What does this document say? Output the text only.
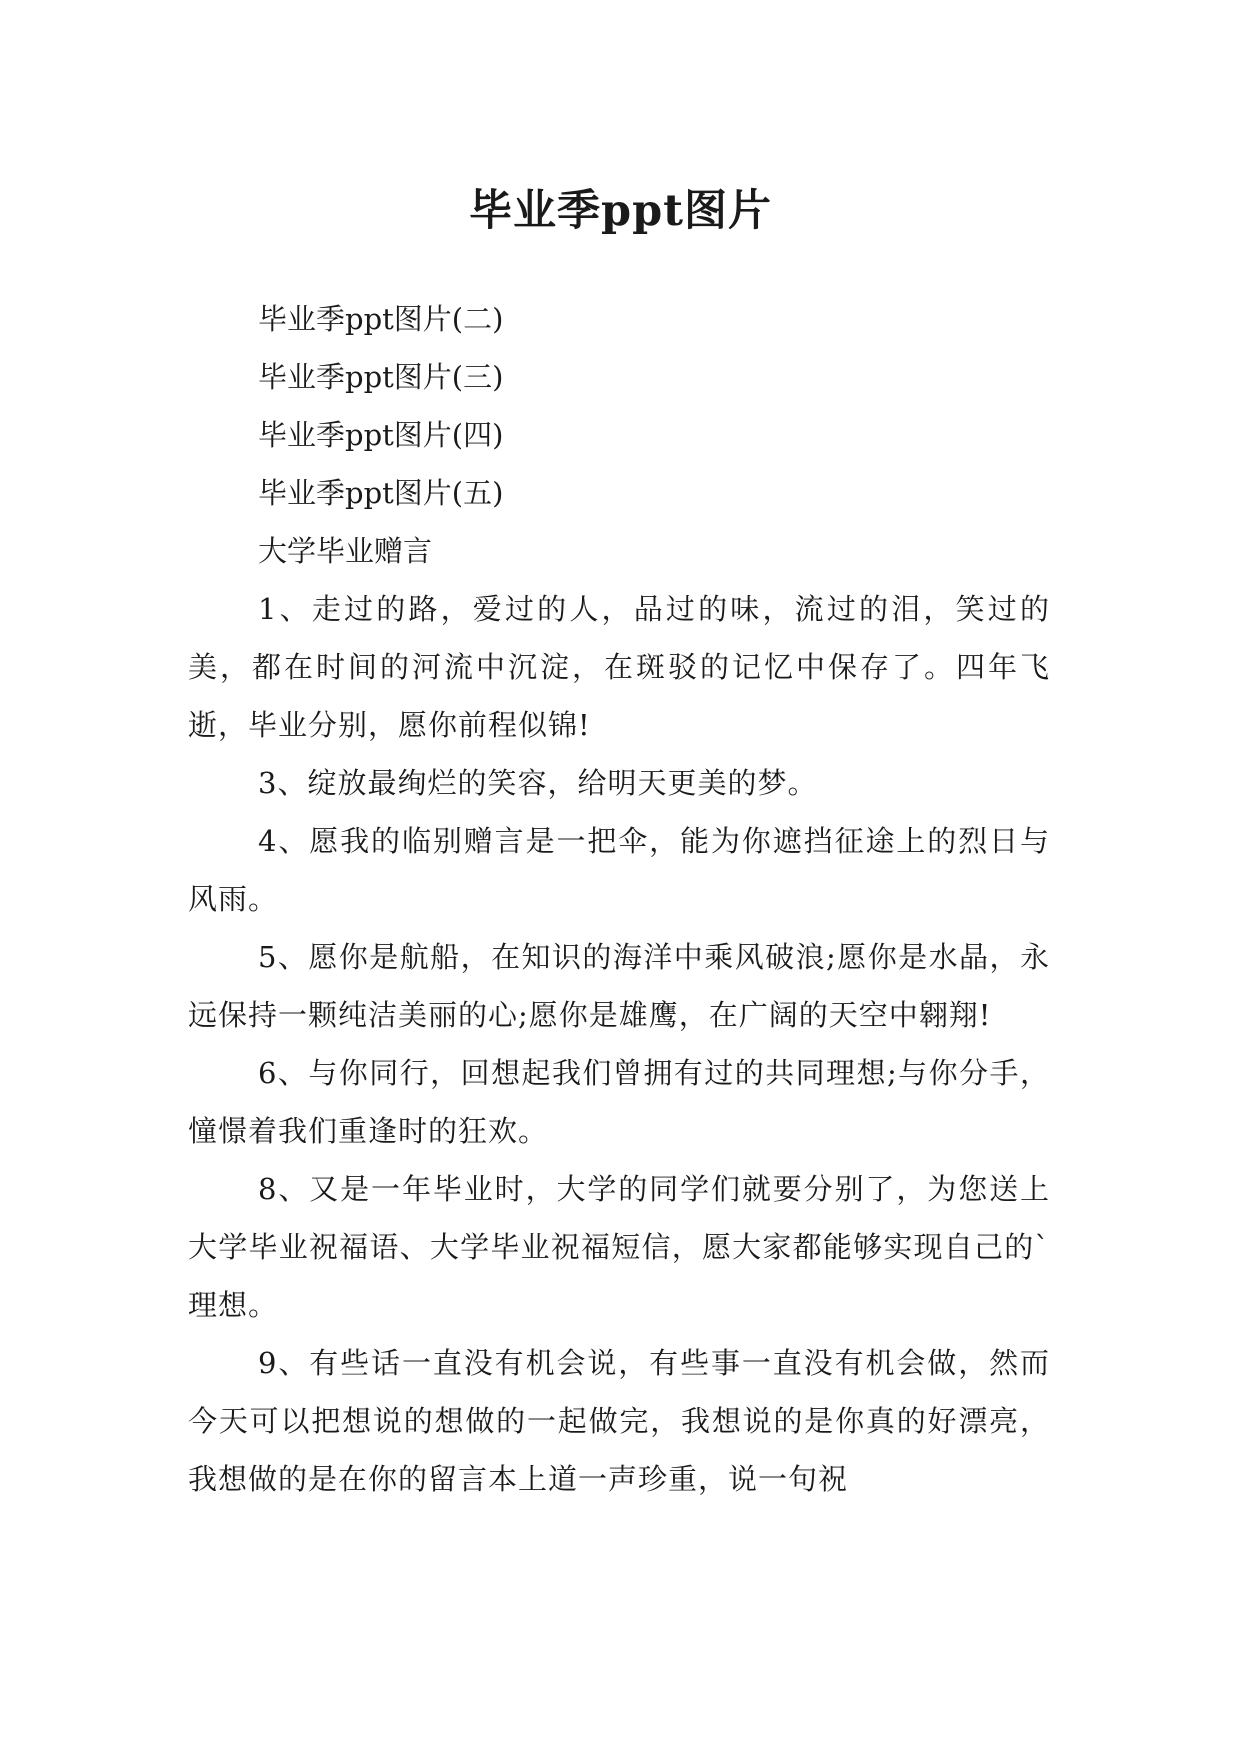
毕业季ppt图片

毕业季ppt图片(二)

毕业季ppt图片(三)

毕业季ppt图片(四)

毕业季ppt图片(五)

大学毕业赠言

1、走过的路，爱过的人，品过的味，流过的泪，笑过的美，都在时间的河流中沉淀，在斑驳的记忆中保存了。四年飞逝，毕业分别，愿你前程似锦!

3、绽放最绚烂的笑容，给明天更美的梦。

4、愿我的临别赠言是一把伞，能为你遮挡征途上的烈日与风雨。

5、愿你是航船，在知识的海洋中乘风破浪;愿你是水晶，永远保持一颗纯洁美丽的心;愿你是雄鹰，在广阔的天空中翱翔!

6、与你同行，回想起我们曾拥有过的共同理想;与你分手，憧憬着我们重逢时的狂欢。

8、又是一年毕业时，大学的同学们就要分别了，为您送上大学毕业祝福语、大学毕业祝福短信，愿大家都能够实现自己的`理想。

9、有些话一直没有机会说，有些事一直没有机会做，然而今天可以把想说的想做的一起做完，我想说的是你真的好漂亮，我想做的是在你的留言本上道一声珍重，说一句祝
